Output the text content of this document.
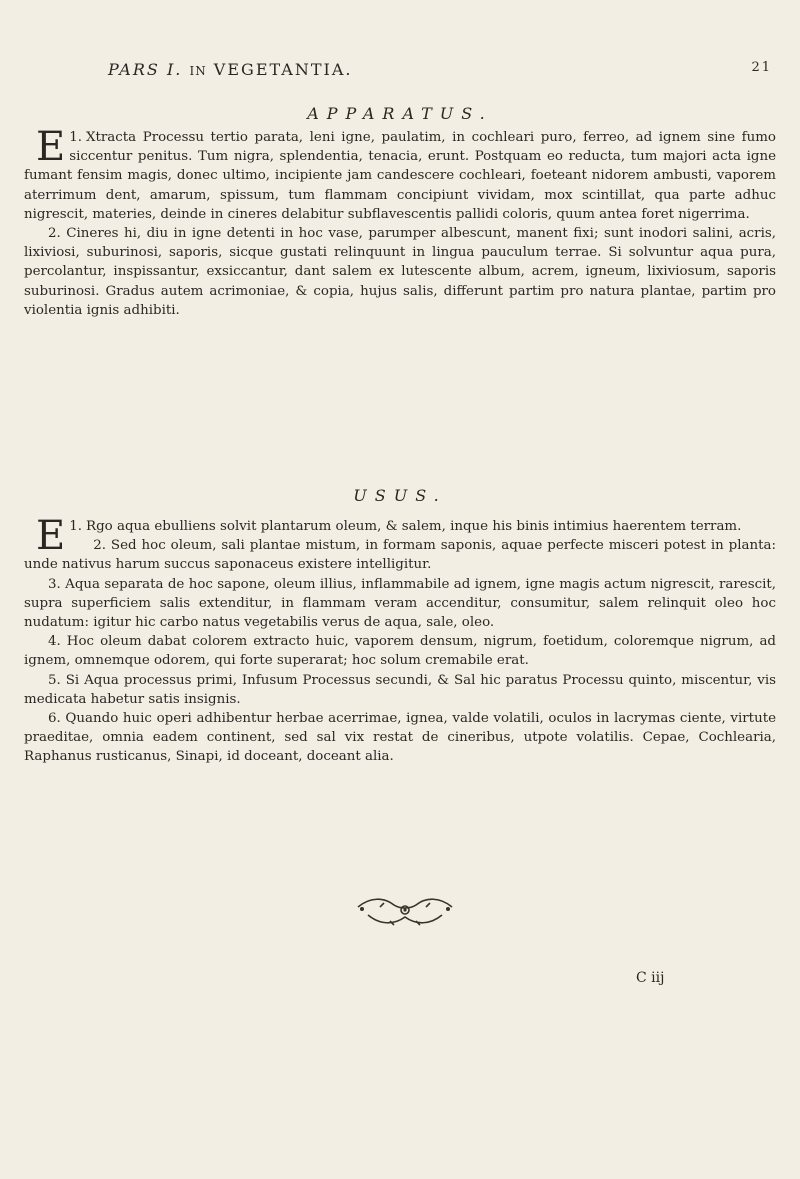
PARS I. IN VEGETANTIA.	21
APPARATUS.

1.
E Xtracta Processu tertio parata, leni igne, paulatim, in cochleari puro, ferreo, ad ignem sine fumo siccentur penitus. Tum nigra, splendentia, tenacia, erunt. Postquam eo reducta, tum majori acta igne fumant fensim magis, donec ultimo, incipiente jam candescere cochleari, foeteant nidorem ambusti, vaporem aterrimum dent, amarum, spissum, tum flammam concipiunt vividam, mox scintillat, qua parte adhuc nigrescit, materies, deinde in cineres delabitur subflavescentis pallidi coloris, quum antea foret nigerrima.

2. Cineres hi, diu in igne detenti in hoc vase, parumper albescunt, manent fixi; sunt inodori salini, acris, lixiviosi, suburinosi, saporis, sicque gustati relinquunt in lingua pauculum terrae. Si solvuntur aqua pura, percolantur, inspissantur, exsiccantur, dant salem ex lutescente album, acrem, igneum, lixiviosum, saporis suburinosi. Gradus autem acrimoniae, & copia, hujus salis, differunt partim pro natura plantae, partim pro violentia ignis adhibiti.

USUS.

1.
E Rgo aqua ebulliens solvit plantarum oleum, & salem, inque his binis intimius haerentem terram.

2. Sed hoc oleum, sali plantae mistum, in formam saponis, aquae perfecte misceri potest in planta: unde nativus harum succus saponaceus existere intelligitur.

3. Aqua separata de hoc sapone, oleum illius, inflammabile ad ignem, igne magis actum nigrescit, rarescit, supra superficiem salis extenditur, in flammam veram accenditur, consumitur, salem relinquit oleo hoc nudatum: igitur hic carbo natus vegetabilis verus de aqua, sale, oleo.

4. Hoc oleum dabat colorem extracto huic, vaporem densum, nigrum, foetidum, coloremque nigrum, ad ignem, omnemque odorem, qui forte superarat; hoc solum cremabile erat.

5. Si Aqua processus primi, Infusum Processus secundi, & Sal hic paratus Processu quinto, miscentur, vis medicata habetur satis insignis.

6. Quando huic operi adhibentur herbae acerrimae, ignea, valde volatili, oculos in lacrymas ciente, virtute praeditae, omnia eadem continent, sed sal vix restat de cineribus, utpote volatilis. Cepae, Cochlearia, Raphanus rusticanus, Sinapi, id doceant, doceant alia.

C iij
